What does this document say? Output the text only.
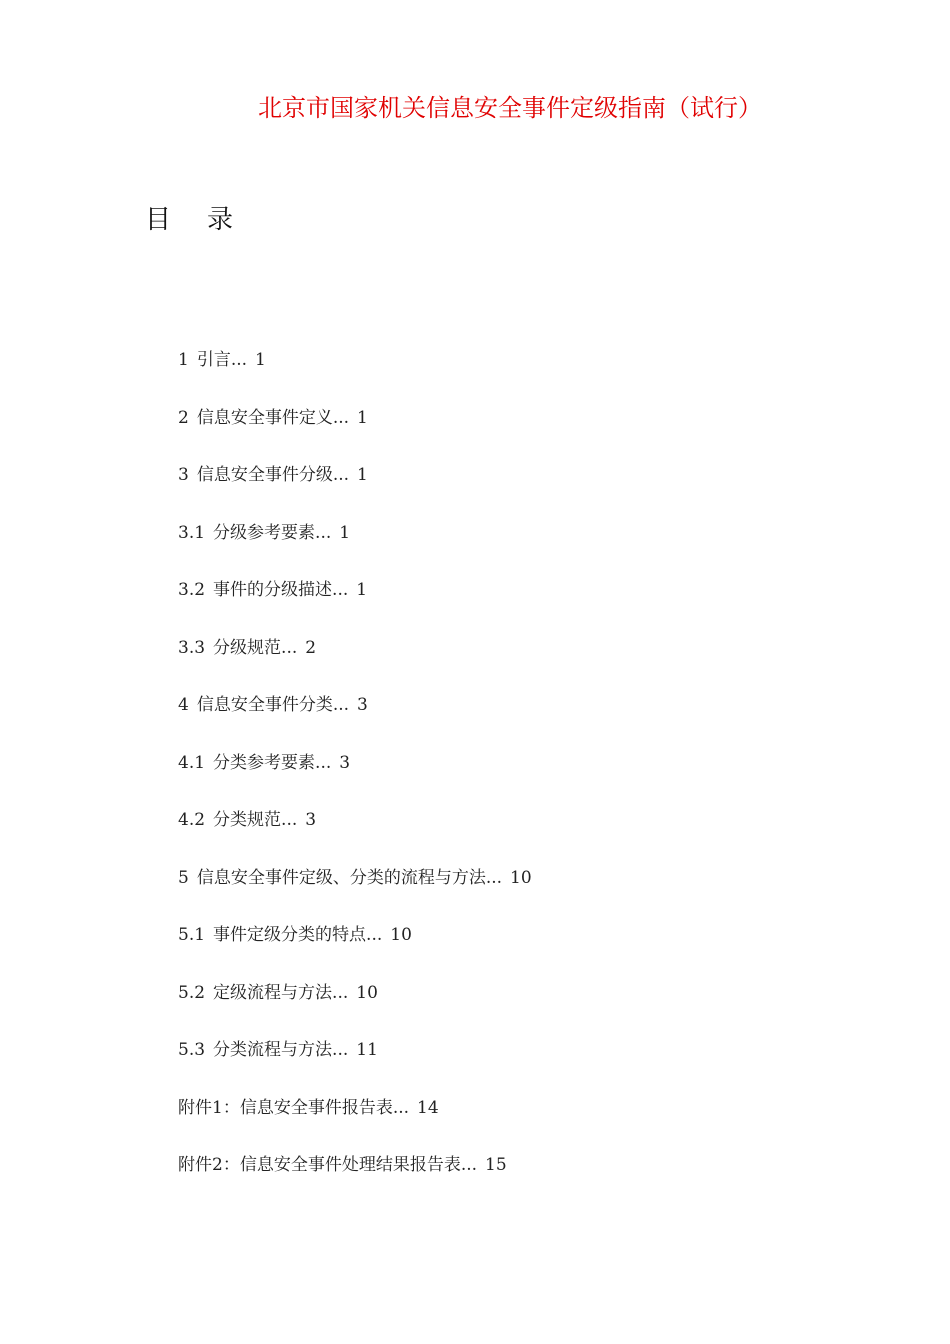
北京市国家机关信息安全事件定级指南（试行）
目 录
1 引言... 1
2 信息安全事件定义... 1
3 信息安全事件分级... 1
3.1 分级参考要素... 1
3.2 事件的分级描述... 1
3.3 分级规范... 2
4 信息安全事件分类... 3
4.1 分类参考要素... 3
4.2 分类规范... 3
5 信息安全事件定级、分类的流程与方法... 10
5.1 事件定级分类的特点... 10
5.2 定级流程与方法... 10
5.3 分类流程与方法... 11
附件1：信息安全事件报告表... 14
附件2：信息安全事件处理结果报告表... 15
